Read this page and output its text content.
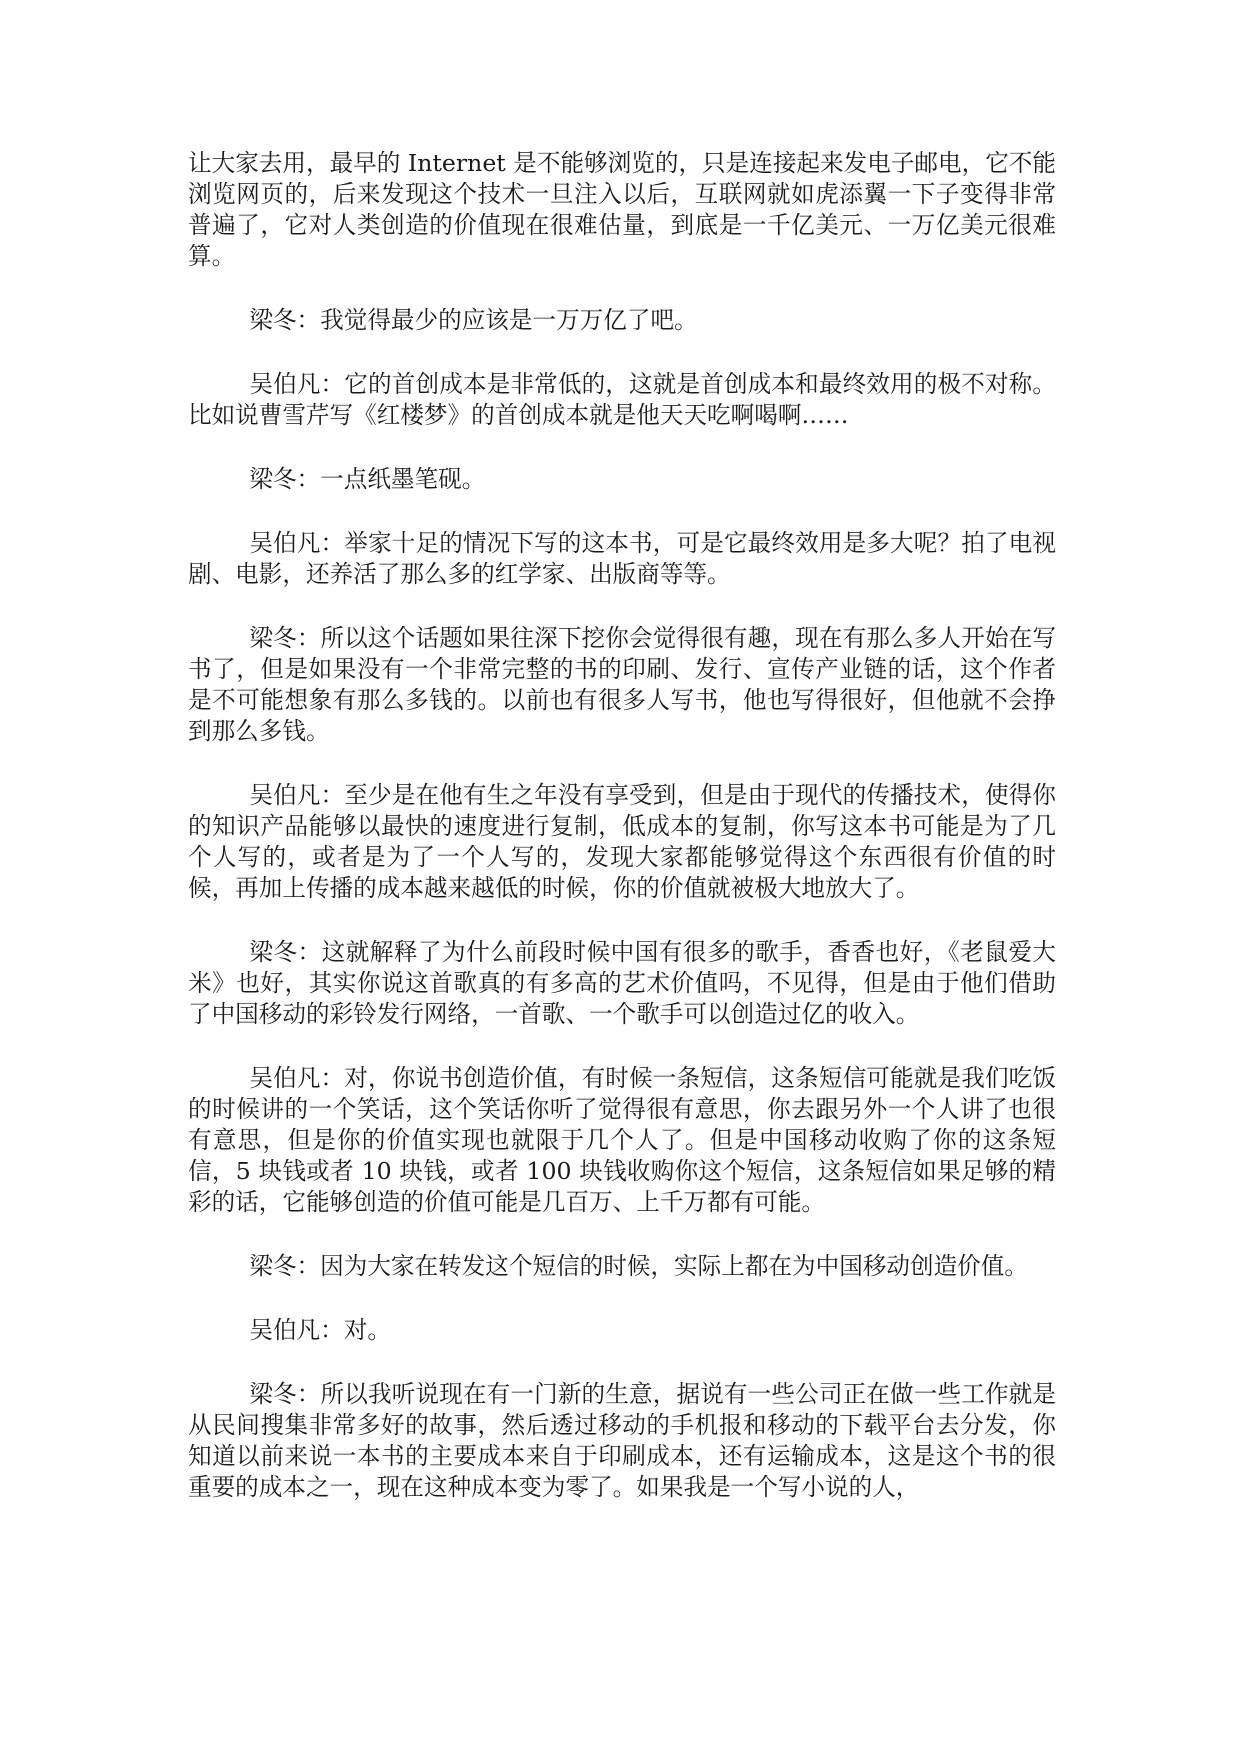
让大家去用，最早的 Internet 是不能够浏览的，只是连接起来发电子邮电，它不能浏览网页的，后来发现这个技术一旦注入以后，互联网就如虎添翼一下子变得非常普遍了，它对人类创造的价值现在很难估量，到底是一千亿美元、一万亿美元很难算。

梁冬：我觉得最少的应该是一万万亿了吧。

吴伯凡：它的首创成本是非常低的，这就是首创成本和最终效用的极不对称。比如说曹雪芹写《红楼梦》的首创成本就是他天天吃啊喝啊……

梁冬：一点纸墨笔砚。

吴伯凡：举家十足的情况下写的这本书，可是它最终效用是多大呢？拍了电视剧、电影，还养活了那么多的红学家、出版商等等。

梁冬：所以这个话题如果往深下挖你会觉得很有趣，现在有那么多人开始在写书了，但是如果没有一个非常完整的书的印刷、发行、宣传产业链的话，这个作者是不可能想象有那么多钱的。以前也有很多人写书，他也写得很好，但他就不会挣到那么多钱。

吴伯凡：至少是在他有生之年没有享受到，但是由于现代的传播技术，使得你的知识产品能够以最快的速度进行复制，低成本的复制，你写这本书可能是为了几个人写的，或者是为了一个人写的，发现大家都能够觉得这个东西很有价值的时候，再加上传播的成本越来越低的时候，你的价值就被极大地放大了。

梁冬：这就解释了为什么前段时候中国有很多的歌手，香香也好，《老鼠爱大米》也好，其实你说这首歌真的有多高的艺术价值吗，不见得，但是由于他们借助了中国移动的彩铃发行网络，一首歌、一个歌手可以创造过亿的收入。

吴伯凡：对，你说书创造价值，有时候一条短信，这条短信可能就是我们吃饭的时候讲的一个笑话，这个笑话你听了觉得很有意思，你去跟另外一个人讲了也很有意思，但是你的价值实现也就限于几个人了。但是中国移动收购了你的这条短信，5 块钱或者 10 块钱，或者 100 块钱收购你这个短信，这条短信如果足够的精彩的话，它能够创造的价值可能是几百万、上千万都有可能。

梁冬：因为大家在转发这个短信的时候，实际上都在为中国移动创造价值。

吴伯凡：对。

梁冬：所以我听说现在有一门新的生意，据说有一些公司正在做一些工作就是从民间搜集非常多好的故事，然后透过移动的手机报和移动的下载平台去分发，你知道以前来说一本书的主要成本来自于印刷成本，还有运输成本，这是这个书的很重要的成本之一，现在这种成本变为零了。如果我是一个写小说的人，
